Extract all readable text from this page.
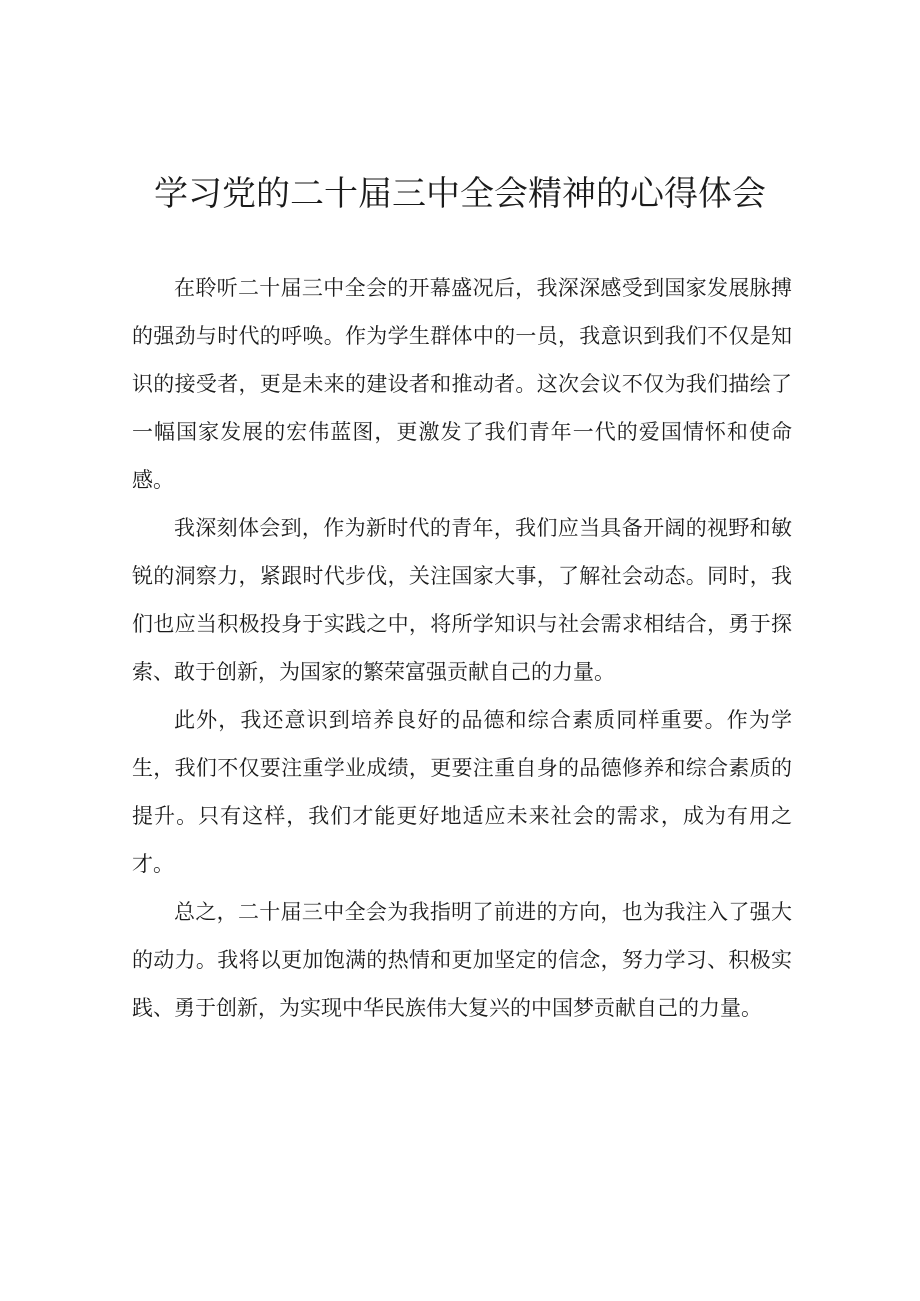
学习党的二十届三中全会精神的心得体会

在聆听二十届三中全会的开幕盛况后，我深深感受到国家发展脉搏的强劲与时代的呼唤。作为学生群体中的一员，我意识到我们不仅是知识的接受者，更是未来的建设者和推动者。这次会议不仅为我们描绘了一幅国家发展的宏伟蓝图，更激发了我们青年一代的爱国情怀和使命感。

我深刻体会到，作为新时代的青年，我们应当具备开阔的视野和敏锐的洞察力，紧跟时代步伐，关注国家大事，了解社会动态。同时，我们也应当积极投身于实践之中，将所学知识与社会需求相结合，勇于探索、敢于创新，为国家的繁荣富强贡献自己的力量。

此外，我还意识到培养良好的品德和综合素质同样重要。作为学生，我们不仅要注重学业成绩，更要注重自身的品德修养和综合素质的提升。只有这样，我们才能更好地适应未来社会的需求，成为有用之才。

总之，二十届三中全会为我指明了前进的方向，也为我注入了强大的动力。我将以更加饱满的热情和更加坚定的信念，努力学习、积极实践、勇于创新，为实现中华民族伟大复兴的中国梦贡献自己的力量。
